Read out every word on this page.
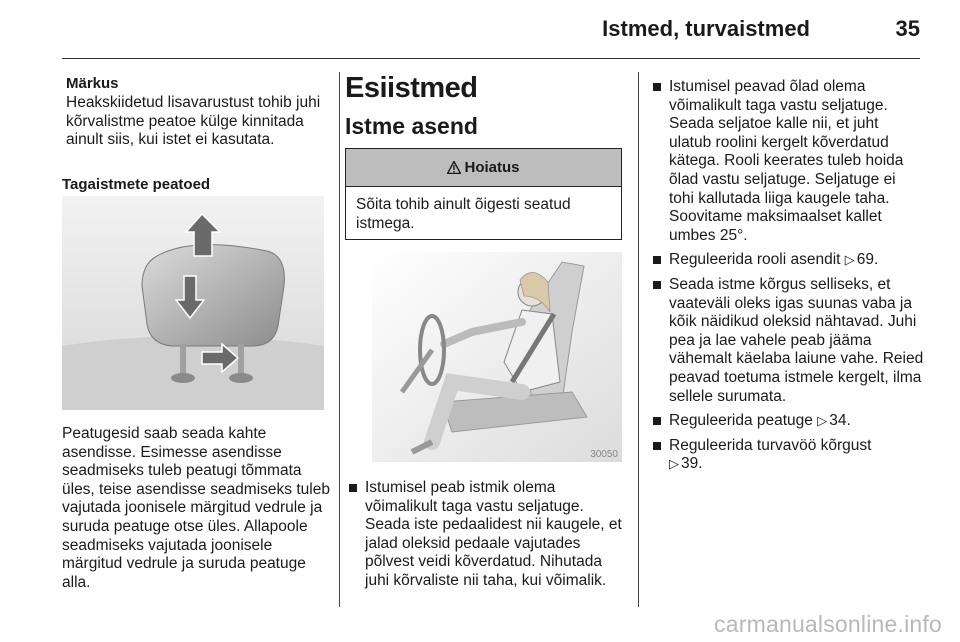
Istmed, turvaistmed	35
Märkus
Heakskiidetud lisavarustust tohib juhi kõrvalistme peatoe külge kinnitada ainult siis, kui istet ei kasutata.
Tagaistmete peatoed
Peatugesid saab seada kahte asendisse. Esimesse asendisse seadmiseks tuleb peatugi tõmmata üles, teise asendisse seadmiseks tuleb vajutada joonisele märgitud vedrule ja suruda peatuge otse üles. Allapoole seadmiseks vajutada joonisele märgitud vedrule ja suruda peatuge alla.
Esiistmed
Istme asend
Hoiatus
Sõita tohib ainult õigesti seatud istmega.
30050
Istumisel peab istmik olema võimalikult taga vastu seljatuge. Seada iste pedaalidest nii kaugele, et jalad oleksid pedaale vajutades põlvest veidi kõverdatud. Nihutada juhi kõrvaliste nii taha, kui võimalik.
Istumisel peavad õlad olema võimalikult taga vastu seljatuge. Seada seljatoe kalle nii, et juht ulatub roolini kergelt kõverdatud kätega. Rooli keerates tuleb hoida õlad vastu seljatuge. Seljatuge ei tohi kallutada liiga kaugele taha. Soovitame maksimaalset kallet umbes 25°.
Reguleerida rooli asendit ▷ 69.
Seada istme kõrgus selliseks, et vaateväli oleks igas suunas vaba ja kõik näidikud oleksid nähtavad. Juhi pea ja lae vahele peab jääma vähemalt käelaba laiune vahe. Reied peavad toetuma istmele kergelt, ilma sellele surumata.
Reguleerida peatuge ▷ 34.
Reguleerida turvavöö kõrgust
▷ 39.
carmanualsonline.info
